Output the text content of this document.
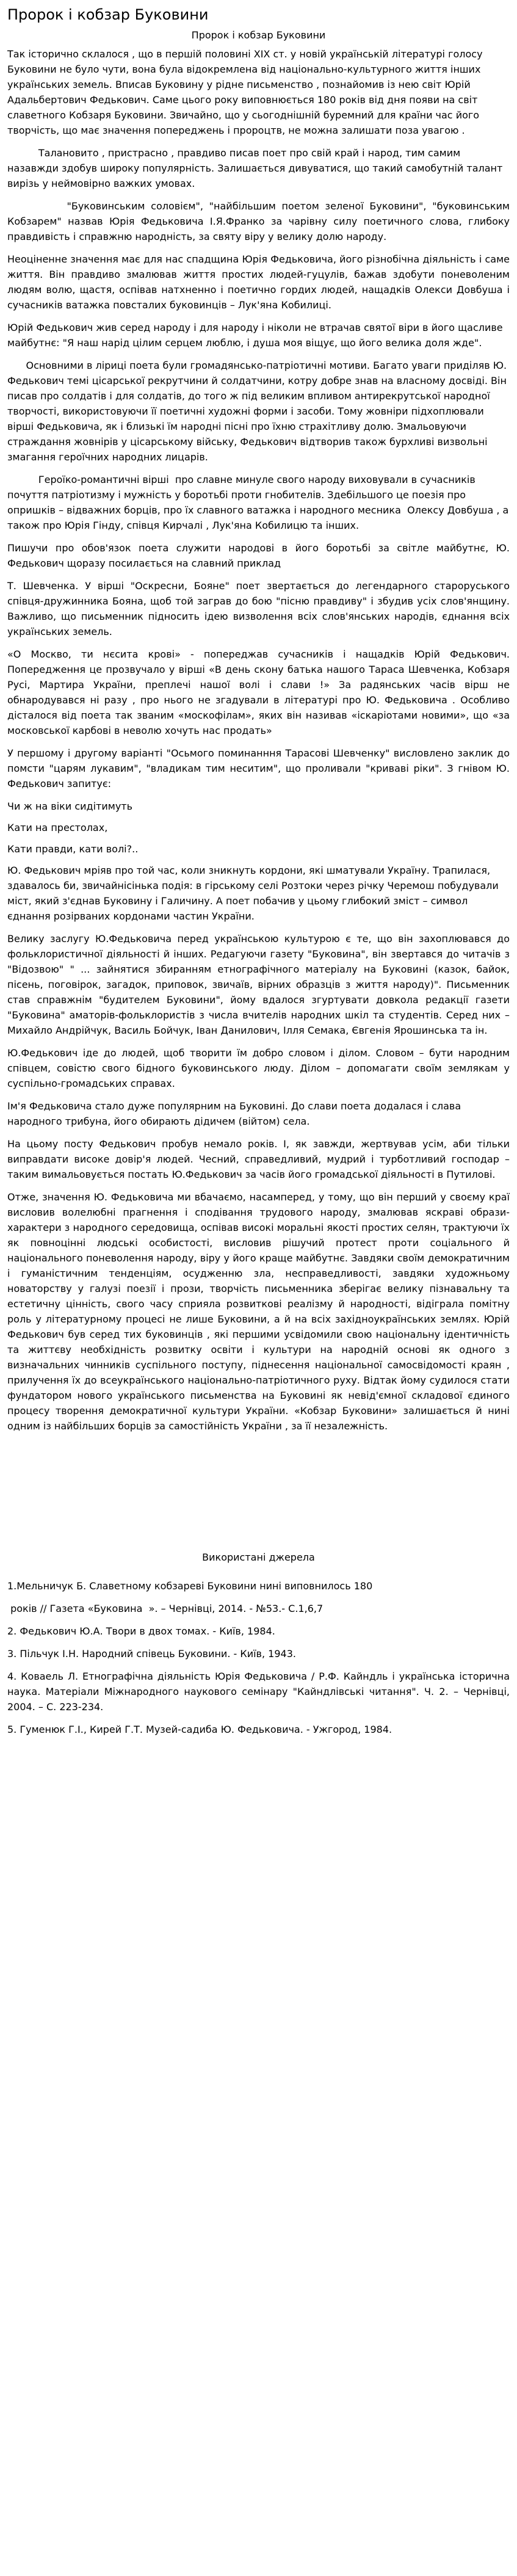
Пророк і кобзар Буковини
Пророк і кобзар Буковини

Так історично склалося , що в першій половині XIX ст. у новій українській літературі голосу Буковини не було чути, вона була відокремлена від національно-культурного життя інших українських земель. Вписав Буковину у рідне письменство , познайомив із нею світ Юрій Адальбертович Федькович. Саме цього року виповнюється 180 років від дня появи на світ славетного Кобзаря Буковини. Звичайно, що у сьогоднішній буремний для країни час його творчість, що має значення попереджень і пророцтв, не можна залишати поза увагою .

Талановито , пристрасно , правдиво писав поет про свій край і народ, тим самим назавжди здобув широку популярність. Залишається дивуватися, що такий самобутній талант вирізь у неймовірно важких умовах.

"Буковинським соловієм", "найбільшим поетом зеленої Буковини", "буковинським Кобзарем" назвав Юрія Федьковича І.Я.Франко за чарівну силу поетичного слова, глибоку правдивість і справжню народність, за святу віру у велику долю народу.

Неоціненне значення має для нас спадщина Юрія Федьковича, його різнобічна діяльність і саме життя. Він правдиво змалював життя простих людей-гуцулів, бажав здобути поневоленим людям волю, щастя, оспівав натхненно і поетично гордих людей, нащадків Олекси Довбуша і сучасників ватажка повсталих буковинців – Лук'яна Кобилиці.

Юрій Федькович жив серед народу і для народу і ніколи не втрачав святої віри в його щасливе майбутнє: "Я наш нарід цілим серцем люблю, і душа моя віщує, що його велика доля жде".

Основними в ліриці поета були громадянсько-патріотичні мотиви. Багато уваги приділяв Ю. Федькович темі цісарської рекрутчини й солдатчини, котру добре знав на власному досвіді. Він писав про солдатів і для солдатів, до того ж під великим впливом антирекрутської народної творчості, використовуючи її поетичні художні форми і засоби. Тому жовніри підхоплювали вірші Федьковича, як і близькі їм народні пісні про їхню страхітливу долю. Змальовуючи страждання жовнірів у цісарському війську, Федькович відтворив також бурхливі визвольні змагання героїчних народних лицарів.

Героїко-романтичні вірші  про славне минуле свого народу виховували в сучасників почуття патріотизму і мужність у боротьбі проти гнобителів. Здебільшого це поезія про опришків – відважних борців, про їх славного ватажка і народного месника  Олексу Довбуша , а також про Юрія Гінду, співця Кирчалі , Лук'яна Кобилицю та інших.

Пишучи про обов'язок поета служити народові в його боротьбі за світле майбутнє, Ю. Федькович щоразу посилається на славний приклад

Т. Шевченка. У вірші "Оскресни, Бояне" поет звертається до легендарного староруського співця-дружинника Бояна, щоб той заграв до бою "пісню правдиву" і збудив усіх слов'янщину. Важливо, що письменник підносить ідею визволення всіх слов'янських народів, єднання всіх українських земель.

«О Москво, ти нєсита крові» - попереджав сучасників і нащадків Юрій Федькович. Попередження це прозвучало у вірші «В день скону батька нашого Тараса Шевченка, Кобзаря Русі, Мартира України, преплечі нашої волі і слави !» За радянських часів вірш не обнародувався ні разу , про нього не згадували в літературі про Ю. Федьковича . Особливо дісталося від поета так званим «москофілам», яких він називав «іскаріотами новими», що «за московської карбові в неволю хочуть нас продать»

У першому і другому варіанті "Осьмого поминанння Тарасові Шевченку" висловлено заклик до помсти "царям лукавим", "владикам тим неситим", що проливали "криваві ріки". З гнівом Ю. Федькович запитує:

Чи ж на віки сидітимуть

Кати на престолах,

Кати правди, кати волі?..

Ю. Федькович мріяв про той час, коли зникнуть кордони, які шматували Україну. Трапилася, здавалось би, звичайнісінька подія: в гірському селі Розтоки через річку Черемош побудували міст, який з'єднав Буковину і Галичину. А поет побачив у цьому глибокий зміст – символ єднання розірваних кордонами частин України.

Велику заслугу Ю.Федьковича перед українською культурою є те, що він захоплювався до фольклористичної діяльності й інших. Редагуючи газету "Буковина", він звертався до читачів з "Відозвою" " ... зайнятися збиранням етнографічного матеріалу на Буковині (казок, байок, пісень, поговірок, загадок, приповок, звичаїв, вірних образців з життя народу)". Письменник став справжнім "будителем Буковини", йому вдалося згуртувати довкола редакції газети "Буковина" аматорів-фольклористів з числа вчителів народних шкіл та студентів. Серед них – Михайло Андрійчук, Василь Бойчук, Іван Данилович, Ілля Семака, Євгенія Ярошинська та ін.

Ю.Федькович іде до людей, щоб творити їм добро словом і ділом. Словом – бути народним співцем, совістю свого бідного буковинського люду. Ділом – допомагати своїм землякам у суспільно-громадських справах.

Ім'я Федьковича стало дуже популярним на Буковині. До слави поета додалася і слава народного трибуна, його обирають дідичем (війтом) села.

На цьому посту Федькович пробув немало років. І, як завжди, жертвував усім, аби тільки виправдати високе довір'я людей. Чесний, справедливий, мудрий і турботливий господар – таким вимальовується постать Ю.Федькович за часів його громадської діяльності в Путилові.

Отже, значення Ю. Федьковича ми вбачаємо, насамперед, у тому, що він перший у своєму краї висловив волелюбні прагнення і сподівання трудового народу, змалював яскраві образи-характери з народного середовища, оспівав високі моральні якості простих селян, трактуючи їх як повноцінні людські особистості, висловив рішучий протест проти соціального й національного поневолення народу, віру у його краще майбутнє. Завдяки своїм демократичним і гуманістичним тенденціям, осудженню зла, несправедливості, завдяки художньому новаторству у галузі поезії і прози, творчість письменника зберігає велику пізнавальну та естетичну цінність, свого часу сприяла розвиткові реалізму й народності, відіграла помітну роль у літературному процесі не лише Буковини, а й на всіх західноукраїнських землях. Юрій Федькович був серед тих буковинців , які першими усвідомили свою національну ідентичність та життєву необхідність розвитку освіти і культури на народній основі як одного з визначальних чинників суспільного поступу, піднесення національної самосвідомості краян , прилучення їх до всеукраїнського національно-патріотичного руху. Відтак йому судилося стати фундатором нового українського письменства на Буковині як невід'ємної складової єдиного процесу творення демократичної культури України. «Кобзар Буковини» залишається й нині одним із найбільших борців за самостійність України , за її незалежність.

Використані джерела

1.Мельничук Б. Славетному кобзареві Буковини нині виповнилось 180

років // Газета «Буковина  ». – Чернівці, 2014. - №53.- С.1,6,7

2. Федькович Ю.А. Твори в двох томах. - Київ, 1984.

3. Пільчук І.Н. Народний співець Буковини. - Київ, 1943.

4. Коваель Л. Етнографічна діяльність Юрія Федьковича / Р.Ф. Кайндль і українська історична наука. Матеріали Міжнародного наукового семінару "Кайндлівські читання". Ч. 2. – Чернівці, 2004. – С. 223-234.

5. Гуменюк Г.І., Кирей Г.Т. Музей-садиба Ю. Федьковича. - Ужгород, 1984.
